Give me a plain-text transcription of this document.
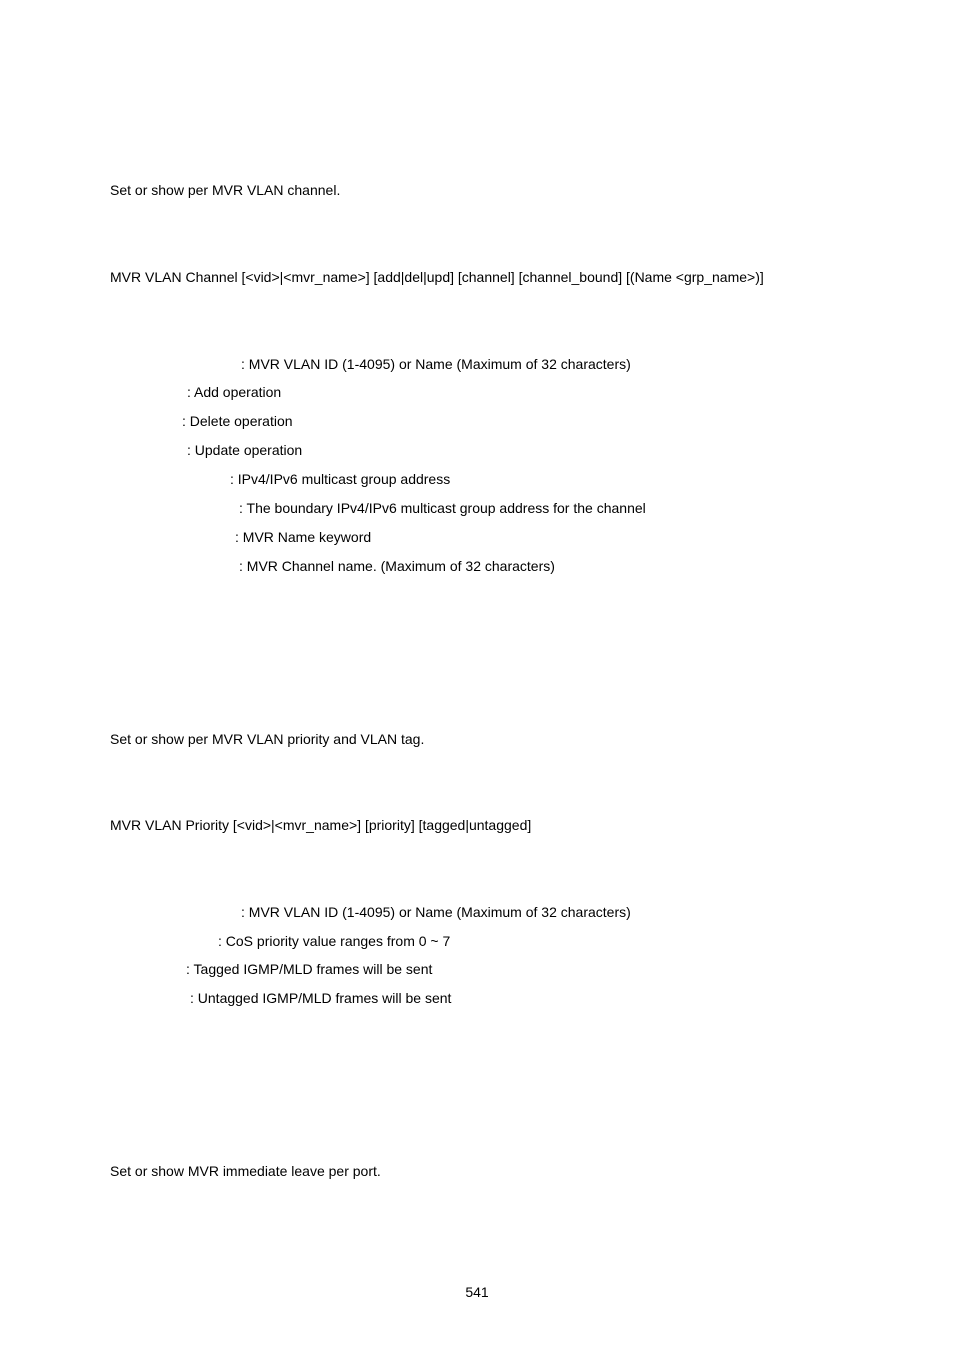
Set or show per MVR VLAN channel.
MVR VLAN Channel [<vid>|<mvr_name>] [add|del|upd] [channel] [channel_bound] [(Name <grp_name>)]
: MVR VLAN ID (1-4095) or Name (Maximum of 32 characters)
: Add operation
: Delete operation
: Update operation
: IPv4/IPv6 multicast group address
: The boundary IPv4/IPv6 multicast group address for the channel
: MVR Name keyword
: MVR Channel name. (Maximum of 32 characters)
Set or show per MVR VLAN priority and VLAN tag.
MVR VLAN Priority [<vid>|<mvr_name>] [priority] [tagged|untagged]
: MVR VLAN ID (1-4095) or Name (Maximum of 32 characters)
: CoS priority value ranges from 0 ~ 7
: Tagged IGMP/MLD frames will be sent
: Untagged IGMP/MLD frames will be sent
Set or show MVR immediate leave per port.
541
